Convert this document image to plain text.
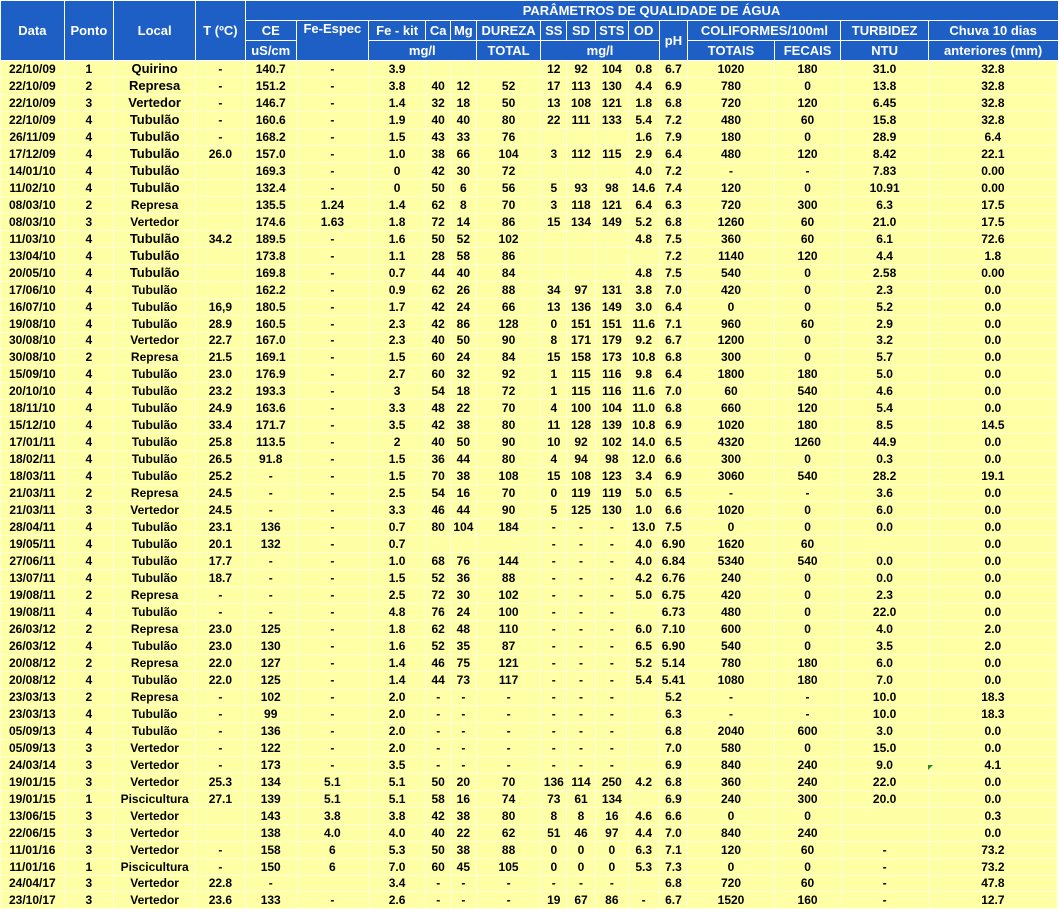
Data	Ponto	Local	T (ºC)	PARÂMETROS DE QUALIDADE DE ÁGUA														
				CE	Fe-Espec	Fe - kit	Ca	Mg	DUREZA	SS	SD	STS	OD	pH	COLIFORMES/100ml		TURBIDEZ	Chuva 10 dias
				uS/cm		mg/l			TOTAL	mg/l					TOTAIS	FECAIS	NTU	anteriores (mm)
22/10/09	1	Quirino	-	140.7	-	3.9				12	92	104	0.8	6.7	1020	180	31.0	32.8
22/10/09	2	Represa	-	151.2	-	3.8	40	12	52	17	113	130	4.4	6.9	780	0	13.8	32.8
22/10/09	3	Vertedor	-	146.7	-	1.4	32	18	50	13	108	121	1.8	6.8	720	120	6.45	32.8
22/10/09	4	Tubulão	-	160.6	-	1.9	40	40	80	22	111	133	5.4	7.2	480	60	15.8	32.8
26/11/09	4	Tubulão	-	168.2	-	1.5	43	33	76				1.6	7.9	180	0	28.9	6.4
17/12/09	4	Tubulão	26.0	157.0	-	1.0	38	66	104	3	112	115	2.9	6.4	480	120	8.42	22.1
14/01/10	4	Tubulão		169.3	-	0	42	30	72				4.0	7.2	-	-	7.83	0.00
11/02/10	4	Tubulão		132.4	-	0	50	6	56	5	93	98	14.6	7.4	120	0	10.91	0.00
08/03/10	2	Represa		135.5	1.24	1.4	62	8	70	3	118	121	6.4	6.3	720	300	6.3	17.5
08/03/10	3	Vertedor		174.6	1.63	1.8	72	14	86	15	134	149	5.2	6.8	1260	60	21.0	17.5
11/03/10	4	Tubulão	34.2	189.5	-	1.6	50	52	102				4.8	7.5	360	60	6.1	72.6
13/04/10	4	Tubulão		173.8	-	1.1	28	58	86					7.2	1140	120	4.4	1.8
20/05/10	4	Tubulão		169.8	-	0.7	44	40	84				4.8	7.5	540	0	2.58	0.00
17/06/10	4	Tubulão		162.2	-	0.9	62	26	88	34	97	131	3.8	7.0	420	0	2.3	0.0
16/07/10	4	Tubulão	16,9	180.5	-	1.7	42	24	66	13	136	149	3.0	6.4	0	0	5.2	0.0
19/08/10	4	Tubulão	28.9	160.5	-	2.3	42	86	128	0	151	151	11.6	7.1	960	60	2.9	0.0
30/08/10	4	Vertedor	22.7	167.0	-	2.3	40	50	90	8	171	179	9.2	6.7	1200	0	3.2	0.0
30/08/10	2	Represa	21.5	169.1	-	1.5	60	24	84	15	158	173	10.8	6.8	300	0	5.7	0.0
15/09/10	4	Tubulão	23.0	176.9	-	2.7	60	32	92	1	115	116	9.8	6.4	1800	180	5.0	0.0
20/10/10	4	Tubulão	23.2	193.3	-	3	54	18	72	1	115	116	11.6	7.0	60	540	4.6	0.0
18/11/10	4	Tubulão	24.9	163.6	-	3.3	48	22	70	4	100	104	11.0	6.8	660	120	5.4	0.0
15/12/10	4	Tubulão	33.4	171.7	-	3.5	42	38	80	11	128	139	10.8	6.9	1020	180	8.5	14.5
17/01/11	4	Tubulão	25.8	113.5	-	2	40	50	90	10	92	102	14.0	6.5	4320	1260	44.9	0.0
18/02/11	4	Tubulão	26.5	91.8	-	1.5	36	44	80	4	94	98	12.0	6.6	300	0	0.3	0.0
18/03/11	4	Tubulão	25.2	-	-	1.5	70	38	108	15	108	123	3.4	6.9	3060	540	28.2	19.1
21/03/11	2	Represa	24.5	-	-	2.5	54	16	70	0	119	119	5.0	6.5	-	-	3.6	0.0
21/03/11	3	Vertedor	24.5	-	-	3.3	46	44	90	5	125	130	1.0	6.6	1020	0	6.0	0.0
28/04/11	4	Tubulão	23.1	136	-	0.7	80	104	184	-	-	-	13.0	7.5	0	0	0.0	0.0
19/05/11	4	Tubulão	20.1	132	-	0.7				-	-	-	4.0	6.90	1620	60		0.0
27/06/11	4	Tubulão	17.7	-	-	1.0	68	76	144	-	-	-	4.0	6.84	5340	540	0.0	0.0
13/07/11	4	Tubulão	18.7	-	-	1.5	52	36	88	-	-	-	4.2	6.76	240	0	0.0	0.0
19/08/11	2	Represa	-	-	-	2.5	72	30	102	-	-	-	5.0	6.75	420	0	2.3	0.0
19/08/11	4	Tubulão	-	-	-	4.8	76	24	100	-	-	-		6.73	480	0	22.0	0.0
26/03/12	2	Represa	23.0	125	-	1.8	62	48	110	-	-	-	6.0	7.10	600	0	4.0	2.0
26/03/12	4	Tubulão	23.0	130	-	1.6	52	35	87	-	-	-	6.5	6.90	540	0	3.5	2.0
20/08/12	2	Represa	22.0	127	-	1.4	46	75	121	-	-	-	5.2	5.14	780	180	6.0	0.0
20/08/12	4	Tubulão	22.0	125	-	1.4	44	73	117	-	-	-	5.4	5.41	1080	180	7.0	0.0
23/03/13	2	Represa	-	102	-	2.0	-	-	-	-	-	-		5.2	-	-	10.0	18.3
23/03/13	4	Tubulão	-	99	-	2.0	-	-	-	-	-	-		6.3	-	-	10.0	18.3
05/09/13	4	Tubulão	-	136	-	2.0	-	-	-	-	-	-		6.8	2040	600	3.0	0.0
05/09/13	3	Vertedor	-	122	-	2.0	-	-	-	-	-	-		7.0	580	0	15.0	0.0
24/03/14	3	Vertedor	-	173	-	3.5	-	-	-	-	-	-		6.9	840	240	9.0	4.1
19/01/15	3	Vertedor	25.3	134	5.1	5.1	50	20	70	136	114	250	4.2	6.8	360	240	22.0	0.0
19/01/15	1	Piscicultura	27.1	139	5.1	5.1	58	16	74	73	61	134		6.9	240	300	20.0	0.0
13/06/15	3	Vertedor		143	3.8	3.8	42	38	80	8	8	16	4.6	6.6	0	0		0.3
22/06/15	3	Vertedor		138	4.0	4.0	40	22	62	51	46	97	4.4	7.0	840	240		0.0
11/01/16	3	Vertedor	-	158	6	5.3	50	38	88	0	0	0	6.3	7.1	120	60	-	73.2
11/01/16	1	Piscicultura	-	150	6	7.0	60	45	105	0	0	0	5.3	7.3	0	0	-	73.2
24/04/17	3	Vertedor	22.8	-		3.4	-	-	-	-	-	-		6.8	720	60	-	47.8
23/10/17	3	Vertedor	23.6	133	-	2.6	-	-	-	19	67	86	-	6.7	1520	160	-	12.7
